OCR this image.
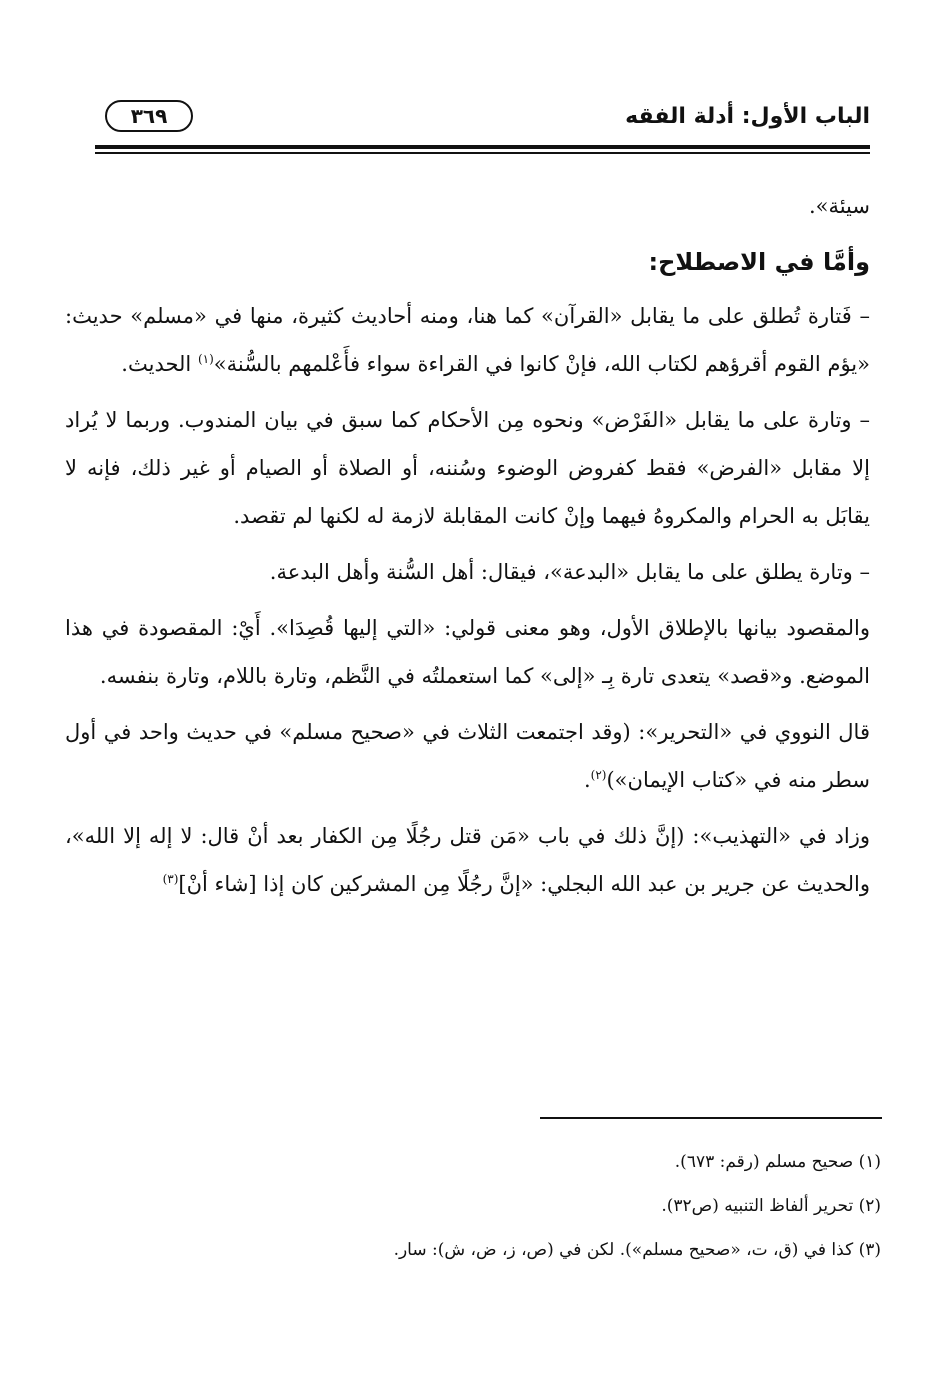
الباب الأول: أدلة الفقه
٣٦٩

سيئة».

وأمَّا في الاصطلاح:

– فَتارة تُطلق على ما يقابل «القرآن» كما هنا، ومنه أحاديث كثيرة، منها في «مسلم» حديث: «يؤم القوم أقرؤهم لكتاب الله، فإنْ كانوا في القراءة سواء فأَعْلمهم بالسُّنة»$^{(١)}$ الحديث.

– وتارة على ما يقابل «الفَرْض» ونحوه مِن الأحكام كما سبق في بيان المندوب. وربما لا يُراد إلا مقابل «الفرض» فقط كفروض الوضوء وسُننه، أو الصلاة أو الصيام أو غير ذلك، فإنه لا يقابَل به الحرام والمكروهُ فيهما وإنْ كانت المقابلة لازمة له لكنها لم تقصد.

– وتارة يطلق على ما يقابل «البدعة»، فيقال: أهل السُّنة وأهل البدعة.

والمقصود بيانها بالإطلاق الأول، وهو معنى قولي: «التي إليها قُصِدَا». أَيْ: المقصودة في هذا الموضع. و«قصد» يتعدى تارة بِـ «إلى» كما استعملتُه في النَّظم، وتارة باللام، وتارة بنفسه.

قال النووي في «التحرير»: (وقد اجتمعت الثلاث في «صحيح مسلم» في حديث واحد في أول سطر منه في «كتاب الإيمان»)$^{(٢)}$.

وزاد في «التهذيب»: (إنَّ ذلك في باب «مَن قتل رجُلًا مِن الكفار بعد أنْ قال: لا إله إلا الله»، والحديث عن جرير بن عبد الله البجلي: «إنَّ رجُلًا مِن المشركين كان إذا [شاء أنْ]$^{(٣)}$

(١) صحيح مسلم (رقم: ٦٧٣).
(٢) تحرير ألفاظ التنبيه (ص٣٢).
(٣) كذا في (ق، ت، «صحيح مسلم»). لكن في (ص، ز، ض، ش): سار.
